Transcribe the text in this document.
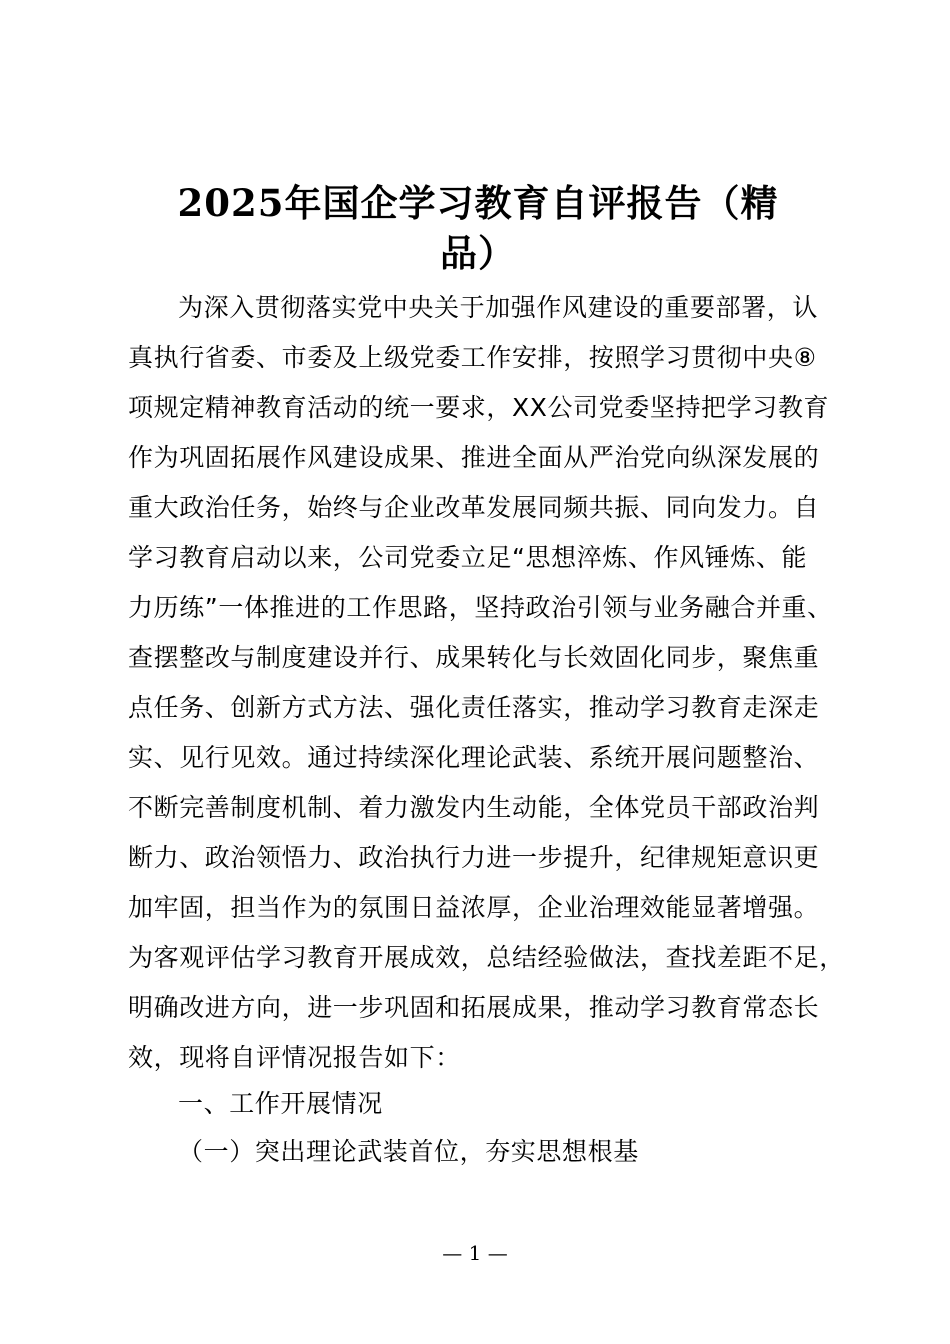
2025年国企学习教育自评报告（精
品）
为深入贯彻落实党中央关于加强作风建设的重要部署，认
真执行省委、市委及上级党委工作安排，按照学习贯彻中央⑧
项规定精神教育活动的统一要求，XX公司党委坚持把学习教育
作为巩固拓展作风建设成果、推进全面从严治党向纵深发展的
重大政治任务，始终与企业改革发展同频共振、同向发力。自
学习教育启动以来，公司党委立足“思想淬炼、作风锤炼、能
力历练”一体推进的工作思路，坚持政治引领与业务融合并重、
查摆整改与制度建设并行、成果转化与长效固化同步，聚焦重
点任务、创新方式方法、强化责任落实，推动学习教育走深走
实、见行见效。通过持续深化理论武装、系统开展问题整治、
不断完善制度机制、着力激发内生动能，全体党员干部政治判
断力、政治领悟力、政治执行力进一步提升，纪律规矩意识更
加牢固，担当作为的氛围日益浓厚，企业治理效能显著增强。
为客观评估学习教育开展成效，总结经验做法，查找差距不足，
明确改进方向，进一步巩固和拓展成果，推动学习教育常态长
效，现将自评情况报告如下：
一、工作开展情况
（一）突出理论武装首位，夯实思想根基
— 1 —
